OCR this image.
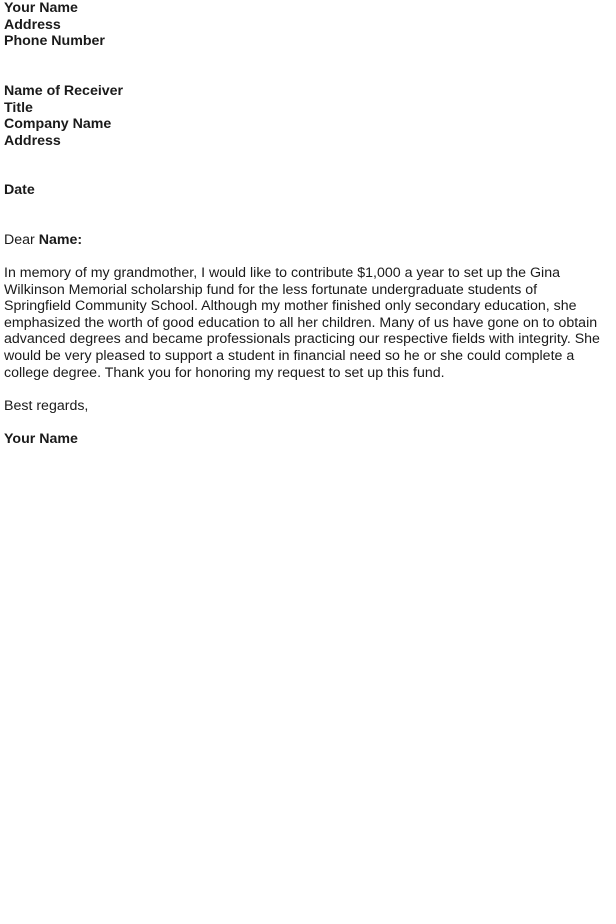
Your Name
Address
Phone Number
Name of Receiver
Title
Company Name
Address
Date
Dear Name:

In memory of my grandmother, I would like to contribute $1,000 a year to set up the Gina
Wilkinson Memorial scholarship fund for the less fortunate undergraduate students of
Springfield Community School. Although my mother finished only secondary education, she
emphasized the worth of good education to all her children. Many of us have gone on to obtain
advanced degrees and became professionals practicing our respective fields with integrity. She
would be very pleased to support a student in financial need so he or she could complete a
college degree. Thank you for honoring my request to set up this fund.

Best regards,
Your Name
